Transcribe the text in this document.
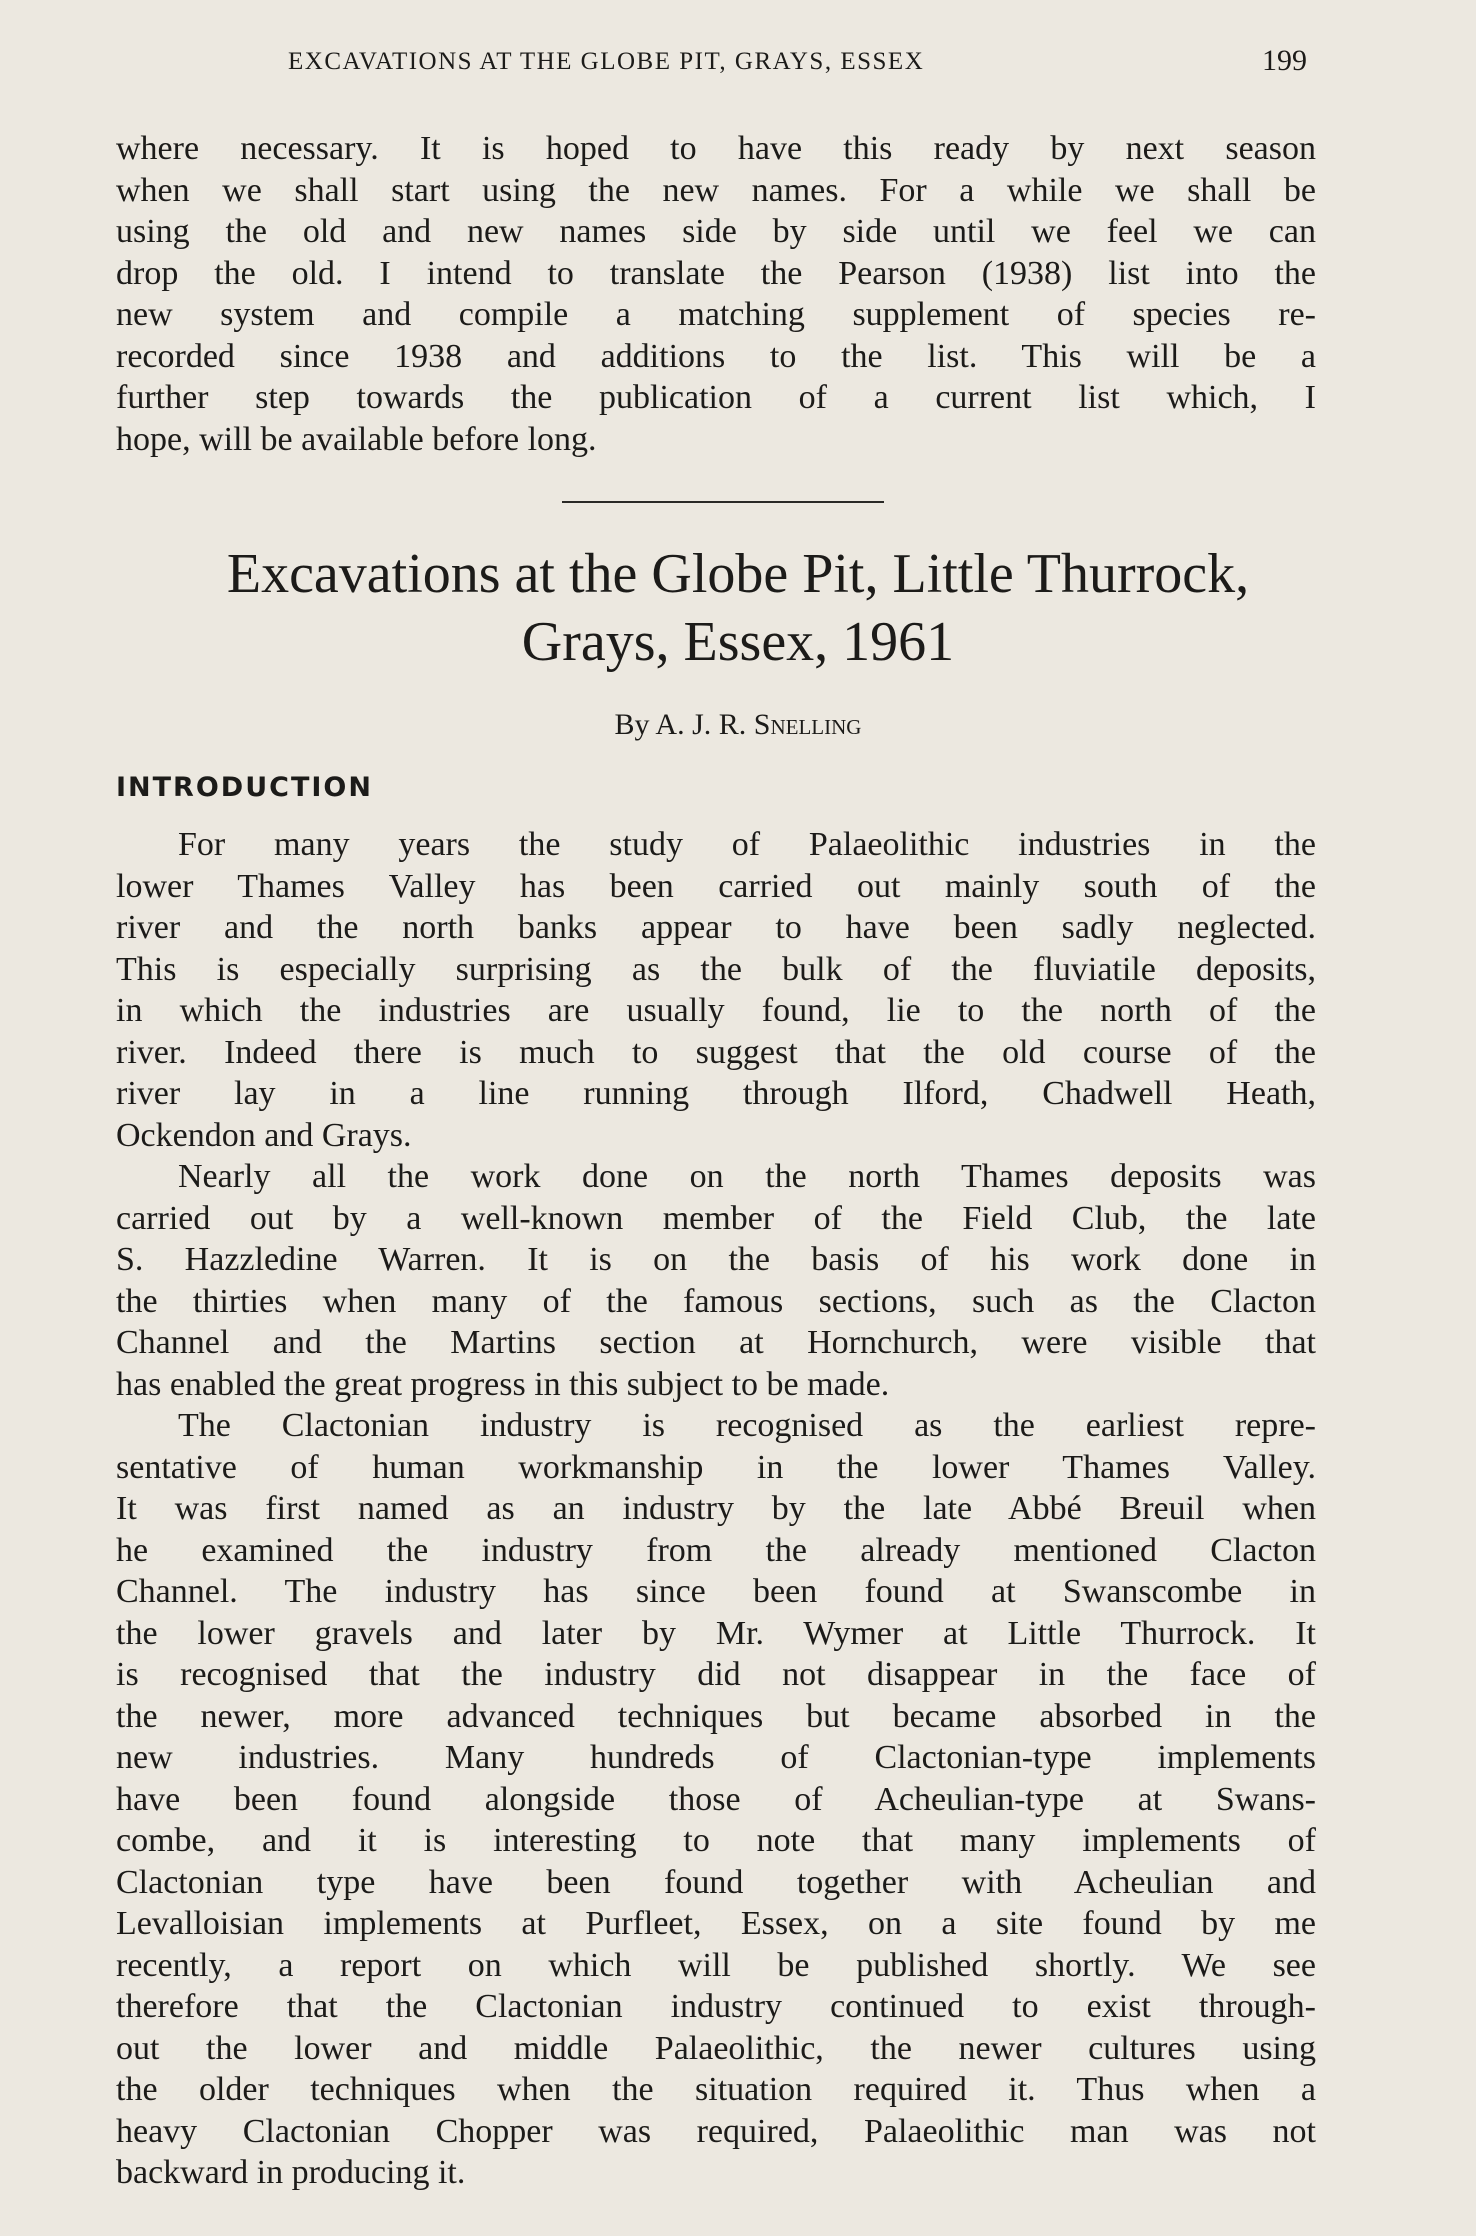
EXCAVATIONS AT THE GLOBE PIT, GRAYS, ESSEX	199
where necessary. It is hoped to have this ready by next season
when we shall start using the new names. For a while we shall be
using the old and new names side by side until we feel we can
drop the old. I intend to translate the Pearson (1938) list into the
new system and compile a matching supplement of species re-
recorded since 1938 and additions to the list. This will be a
further step towards the publication of a current list which, I
hope, will be available before long.
Excavations at the Globe Pit, Little Thurrock,
Grays, Essex, 1961
By A. J. R. Snelling
INTRODUCTION
For many years the study of Palaeolithic industries in the
lower Thames Valley has been carried out mainly south of the
river and the north banks appear to have been sadly neglected.
This is especially surprising as the bulk of the fluviatile deposits,
in which the industries are usually found, lie to the north of the
river. Indeed there is much to suggest that the old course of the
river lay in a line running through Ilford, Chadwell Heath,
Ockendon and Grays.
Nearly all the work done on the north Thames deposits was
carried out by a well-known member of the Field Club, the late
S. Hazzledine Warren. It is on the basis of his work done in
the thirties when many of the famous sections, such as the Clacton
Channel and the Martins section at Hornchurch, were visible that
has enabled the great progress in this subject to be made.
The Clactonian industry is recognised as the earliest repre-
sentative of human workmanship in the lower Thames Valley.
It was first named as an industry by the late Abbé Breuil when
he examined the industry from the already mentioned Clacton
Channel. The industry has since been found at Swanscombe in
the lower gravels and later by Mr. Wymer at Little Thurrock. It
is recognised that the industry did not disappear in the face of
the newer, more advanced techniques but became absorbed in the
new industries. Many hundreds of Clactonian-type implements
have been found alongside those of Acheulian-type at Swans-
combe, and it is interesting to note that many implements of
Clactonian type have been found together with Acheulian and
Levalloisian implements at Purfleet, Essex, on a site found by me
recently, a report on which will be published shortly. We see
therefore that the Clactonian industry continued to exist through-
out the lower and middle Palaeolithic, the newer cultures using
the older techniques when the situation required it. Thus when a
heavy Clactonian Chopper was required, Palaeolithic man was not
backward in producing it.
